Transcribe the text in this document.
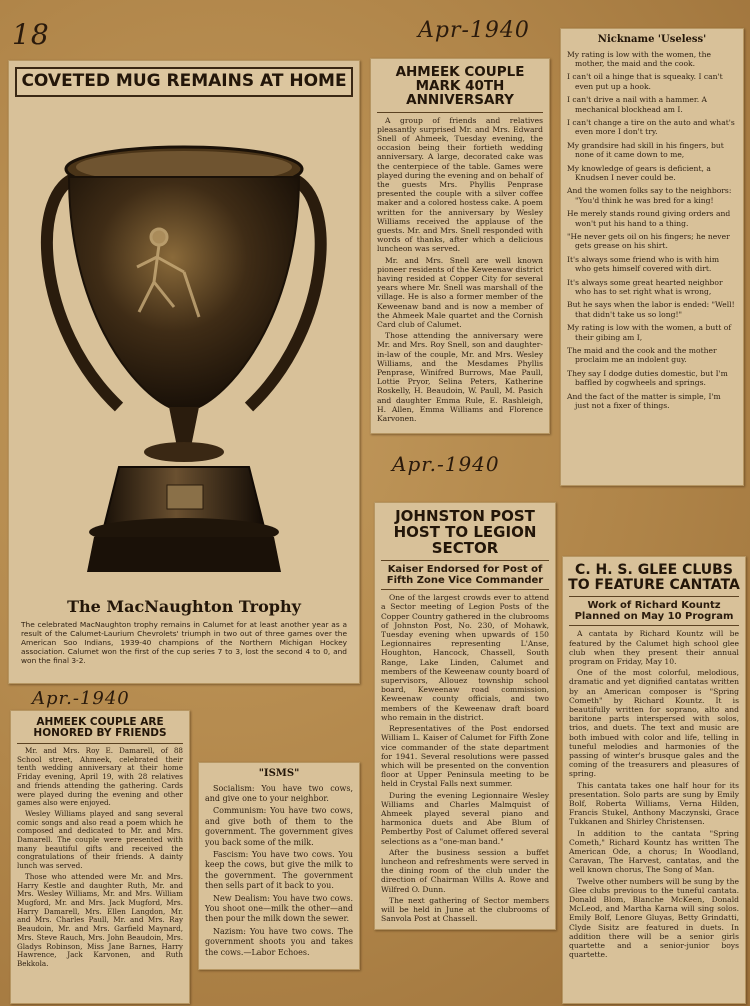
18	Apr-1940
Apr.-1940
Apr.-1940
COVETED MUG REMAINS AT HOME
The MacNaughton Trophy
The celebrated MacNaughton trophy remains in Calumet for at least another year as a result of the Calumet-Laurium Chevrolets' triumph in two out of three games over the American Soo Indians, 1939-40 champions of the Northern Michigan Hockey association. Calumet won the first of the cup series 7 to 3, lost the second 4 to 0, and won the final 3-2.
AHMEEK COUPLE MARK 40TH ANNIVERSARY

A group of friends and relatives pleasantly surprised Mr. and Mrs. Edward Snell of Ahmeek, Tuesday evening, the occasion being their fortieth wedding anniversary. A large, decorated cake was the centerpiece of the table. Games were played during the evening and on behalf of the guests Mrs. Phyllis Penprase presented the couple with a silver coffee maker and a colored hostess cake. A poem written for the anniversary by Wesley Williams received the applause of the guests. Mr. and Mrs. Snell responded with words of thanks, after which a delicious luncheon was served.

Mr. and Mrs. Snell are well known pioneer residents of the Keweenaw district having resided at Copper City for several years where Mr. Snell was marshall of the village. He is also a former member of the Keweenaw band and is now a member of the Ahmeek Male quartet and the Cornish Card club of Calumet.

Those attending the anniversary were Mr. and Mrs. Roy Snell, son and daughter-in-law of the couple, Mr. and Mrs. Wesley Williams, and the Mesdames Phyllis Penprase, Winifred Burrows, Mae Paull, Lottie Pryor, Selina Peters, Katherine Roskelly, H. Beaudoin, W. Paull, M. Pasich and daughter Emma Rule, E. Rashleigh, H. Allen, Emma Williams and Florence Karvonen.

Nickname 'Useless'

My rating is low with the women, the mother, the maid and the cook.

I can't oil a hinge that is squeaky. I can't even put up a hook.

I can't drive a nail with a hammer. A mechanical blockhead am I.

I can't change a tire on the auto and what's even more I don't try.

My grandsire had skill in his fingers, but none of it came down to me,

My knowledge of gears is deficient, a Knudsen I never could be.

And the women folks say to the neighbors: "You'd think he was bred for a king!

He merely stands round giving orders and won't put his hand to a thing.

"He never gets oil on his fingers; he never gets grease on his shirt.

It's always some friend who is with him who gets himself covered with dirt.

It's always some great hearted neighbor who has to set right what is wrong,

But he says when the labor is ended: "Well! that didn't take us so long!"

My rating is low with the women, a butt of their gibing am I,

The maid and the cook and the mother proclaim me an indolent guy.

They say I dodge duties domestic, but I'm baffled by cogwheels and springs.

And the fact of the matter is simple, I'm just not a fixer of things.

JOHNSTON POST HOST TO LEGION SECTOR
Kaiser Endorsed for Post of Fifth Zone Vice Commander

One of the largest crowds ever to attend a Sector meeting of Legion Posts of the Copper Country gathered in the clubrooms of Johnston Post, No. 230, of Mohawk, Tuesday evening when upwards of 150 Legionnaires representing L'Anse, Houghton, Hancock, Chassell, South Range, Lake Linden, Calumet and members of the Keweenaw county board of supervisors, Allouez township school board, Keweenaw road commission, Keweenaw county officials, and two members of the Keweenaw draft board who remain in the district.

Representatives of the Post endorsed William L. Kaiser of Calumet for Fifth Zone vice commander of the state department for 1941. Several resolutions were passed which will be presented on the convention floor at Upper Peninsula meeting to be held in Crystal Falls next summer.

During the evening Legionnaire Wesley Williams and Charles Malmquist of Ahmeek played several piano and harmonica duets and Abe Blum of Pembertby Post of Calumet offered several selections as a "one-man band."

After the business session a buffet luncheon and refreshments were served in the dining room of the club under the direction of Chairman Willis A. Rowe and Wilfred O. Dunn.

The next gathering of Sector members will be held in June at the clubrooms of Sanvola Post at Chassell.

C. H. S. GLEE CLUBS TO FEATURE CANTATA
Work of Richard Kountz Planned on May 10 Program

A cantata by Richard Kountz will be featured by the Calumet high school glee club when they present their annual program on Friday, May 10.

One of the most colorful, melodious, dramatic and yet dignified cantatas written by an American composer is "Spring Cometh" by Richard Kountz. It is beautifully written for soprano, alto and baritone parts interspersed with solos, trios, and duets. The text and music are both imbued with color and life, telling in tuneful melodies and harmonies of the passing of winter's brusque gales and the coming of the treasurers and pleasures of spring.

This cantata takes one half hour for its presentation. Solo parts are sung by Emily Bolf, Roberta Williams, Verna Hilden, Francis Stukel, Anthony Maczynski, Grace Tukkanen and Shirley Christensen.

In addition to the cantata "Spring Cometh," Richard Kountz has written The American Ode, a chorus; In Woodland, Caravan, The Harvest, cantatas, and the well known chorus, The Song of Man.

Twelve other numbers will be sung by the Glee clubs previous to the tuneful cantata. Donald Blom, Blanche McKeen, Donald McLeod, and Martha Karna will sing solos. Emily Bolf, Lenore Gluyas, Betty Grindatti, Clyde Sisitz are featured in duets. In addition there will be a senior girls quartette and a senior-junior boys quartette.

AHMEEK COUPLE ARE HONORED BY FRIENDS

Mr. and Mrs. Roy E. Damarell, of 88 School street, Ahmeek, celebrated their tenth wedding anniversary at their home Friday evening, April 19, with 28 relatives and friends attending the gathering. Cards were played during the evening and other games also were enjoyed.

Wesley Williams played and sang several comic songs and also read a poem which he composed and dedicated to Mr. and Mrs. Damarell. The couple were presented with many beautiful gifts and received the congratulations of their friends. A dainty lunch was served.

Those who attended were Mr. and Mrs. Harry Kestle and daughter Ruth, Mr. and Mrs. Wesley Williams, Mr. and Mrs. William Mugford, Mr. and Mrs. Jack Mugford, Mrs. Harry Damarell, Mrs. Ellen Langdon, Mr. and Mrs. Charles Paull, Mr. and Mrs. Ray Beaudoin, Mr. and Mrs. Garfield Maynard, Mrs. Steve Rauch, Mrs. John Beaudoin, Mrs. Gladys Robinson, Miss Jane Barnes, Harry Hawrence, Jack Karvonen, and Ruth Bekkola.

"ISMS"

Socialism: You have two cows, and give one to your neighbor.

Communism: You have two cows, and give both of them to the government. The government gives you back some of the milk.

Fascism: You have two cows. You keep the cows, but give the milk to the government. The government then sells part of it back to you.

New Dealism: You have two cows. You shoot one—milk the other—and then pour the milk down the sewer.

Nazism: You have two cows. The government shoots you and takes the cows.—Labor Echoes.
